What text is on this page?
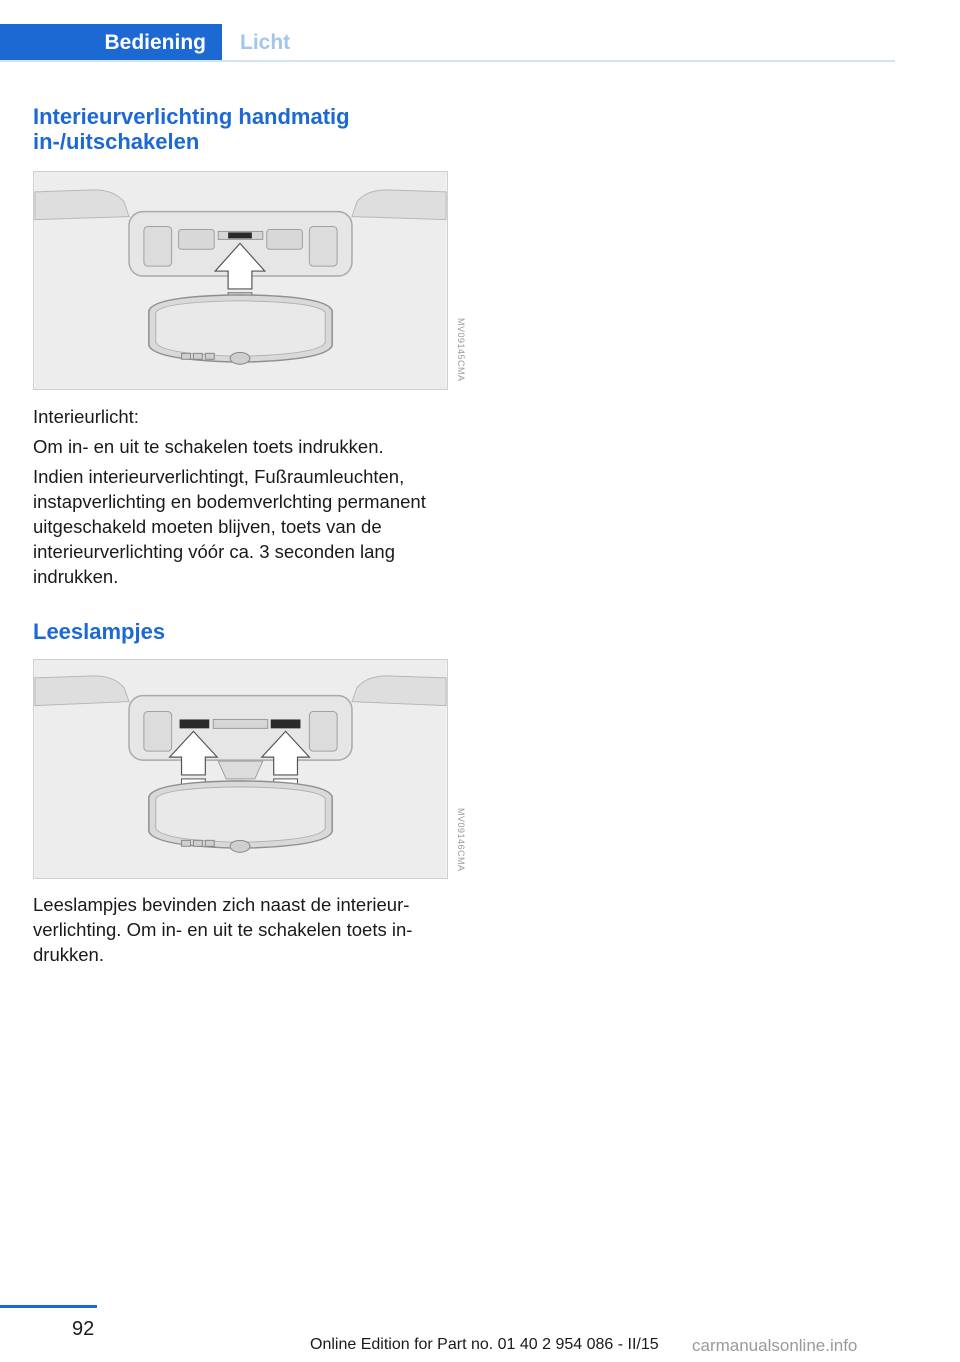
Bediening	Licht
Interieurverlichting handmatig in-/uitschakelen
MV09145CMA

Interieurlicht:

Om in- en uit te schakelen toets indrukken.

Indien interieurverlichtingt, Fußraumleuchten, instapverlichting en bodemverlchting permanent uitgeschakeld moeten blijven, toets van de interieurverlichting vóór ca. 3 seconden lang indrukken.

Leeslampjes
MV09146CMA

Leeslampjes bevinden zich naast de interieurverlichting. Om in- en uit te schakelen toets indrukken.

92
Online Edition for Part no. 01 40 2 954 086 - II/15 carmanualsonline.info
